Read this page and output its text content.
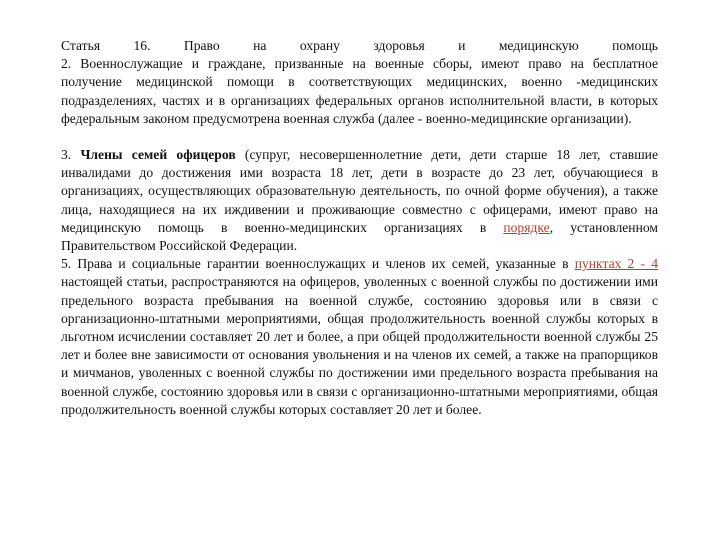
Статья 16. Право на охрану здоровья и медицинскую помощь

2. Военнослужащие и граждане, призванные на военные сборы, имеют право на бесплатное получение медицинской помощи в соответствующих медицинских, военно -медицинских подразделениях, частях и в организациях федеральных органов исполнительной власти, в которых федеральным законом предусмотрена военная служба (далее - военно-медицинские организации).

3. Члены семей офицеров (супруг, несовершеннолетние дети, дети старше 18 лет, ставшие инвалидами до достижения ими возраста 18 лет, дети в возрасте до 23 лет, обучающиеся в организациях, осуществляющих образовательную деятельность, по очной форме обучения), а также лица, находящиеся на их иждивении и проживающие совместно с офицерами, имеют право на медицинскую помощь в военно-медицинских организациях в порядке, установленном Правительством Российской Федерации.

5. Права и социальные гарантии военнослужащих и членов их семей, указанные в пунктах 2 - 4 настоящей статьи, распространяются на офицеров, уволенных с военной службы по достижении ими предельного возраста пребывания на военной службе, состоянию здоровья или в связи с организационно-штатными мероприятиями, общая продолжительность военной службы которых в льготном исчислении составляет 20 лет и более, а при общей продолжительности военной службы 25 лет и более вне зависимости от основания увольнения и на членов их семей, а также на прапорщиков и мичманов, уволенных с военной службы по достижении ими предельного возраста пребывания на военной службе, состоянию здоровья или в связи с организационно-штатными мероприятиями, общая продолжительность военной службы которых составляет 20 лет и более.
